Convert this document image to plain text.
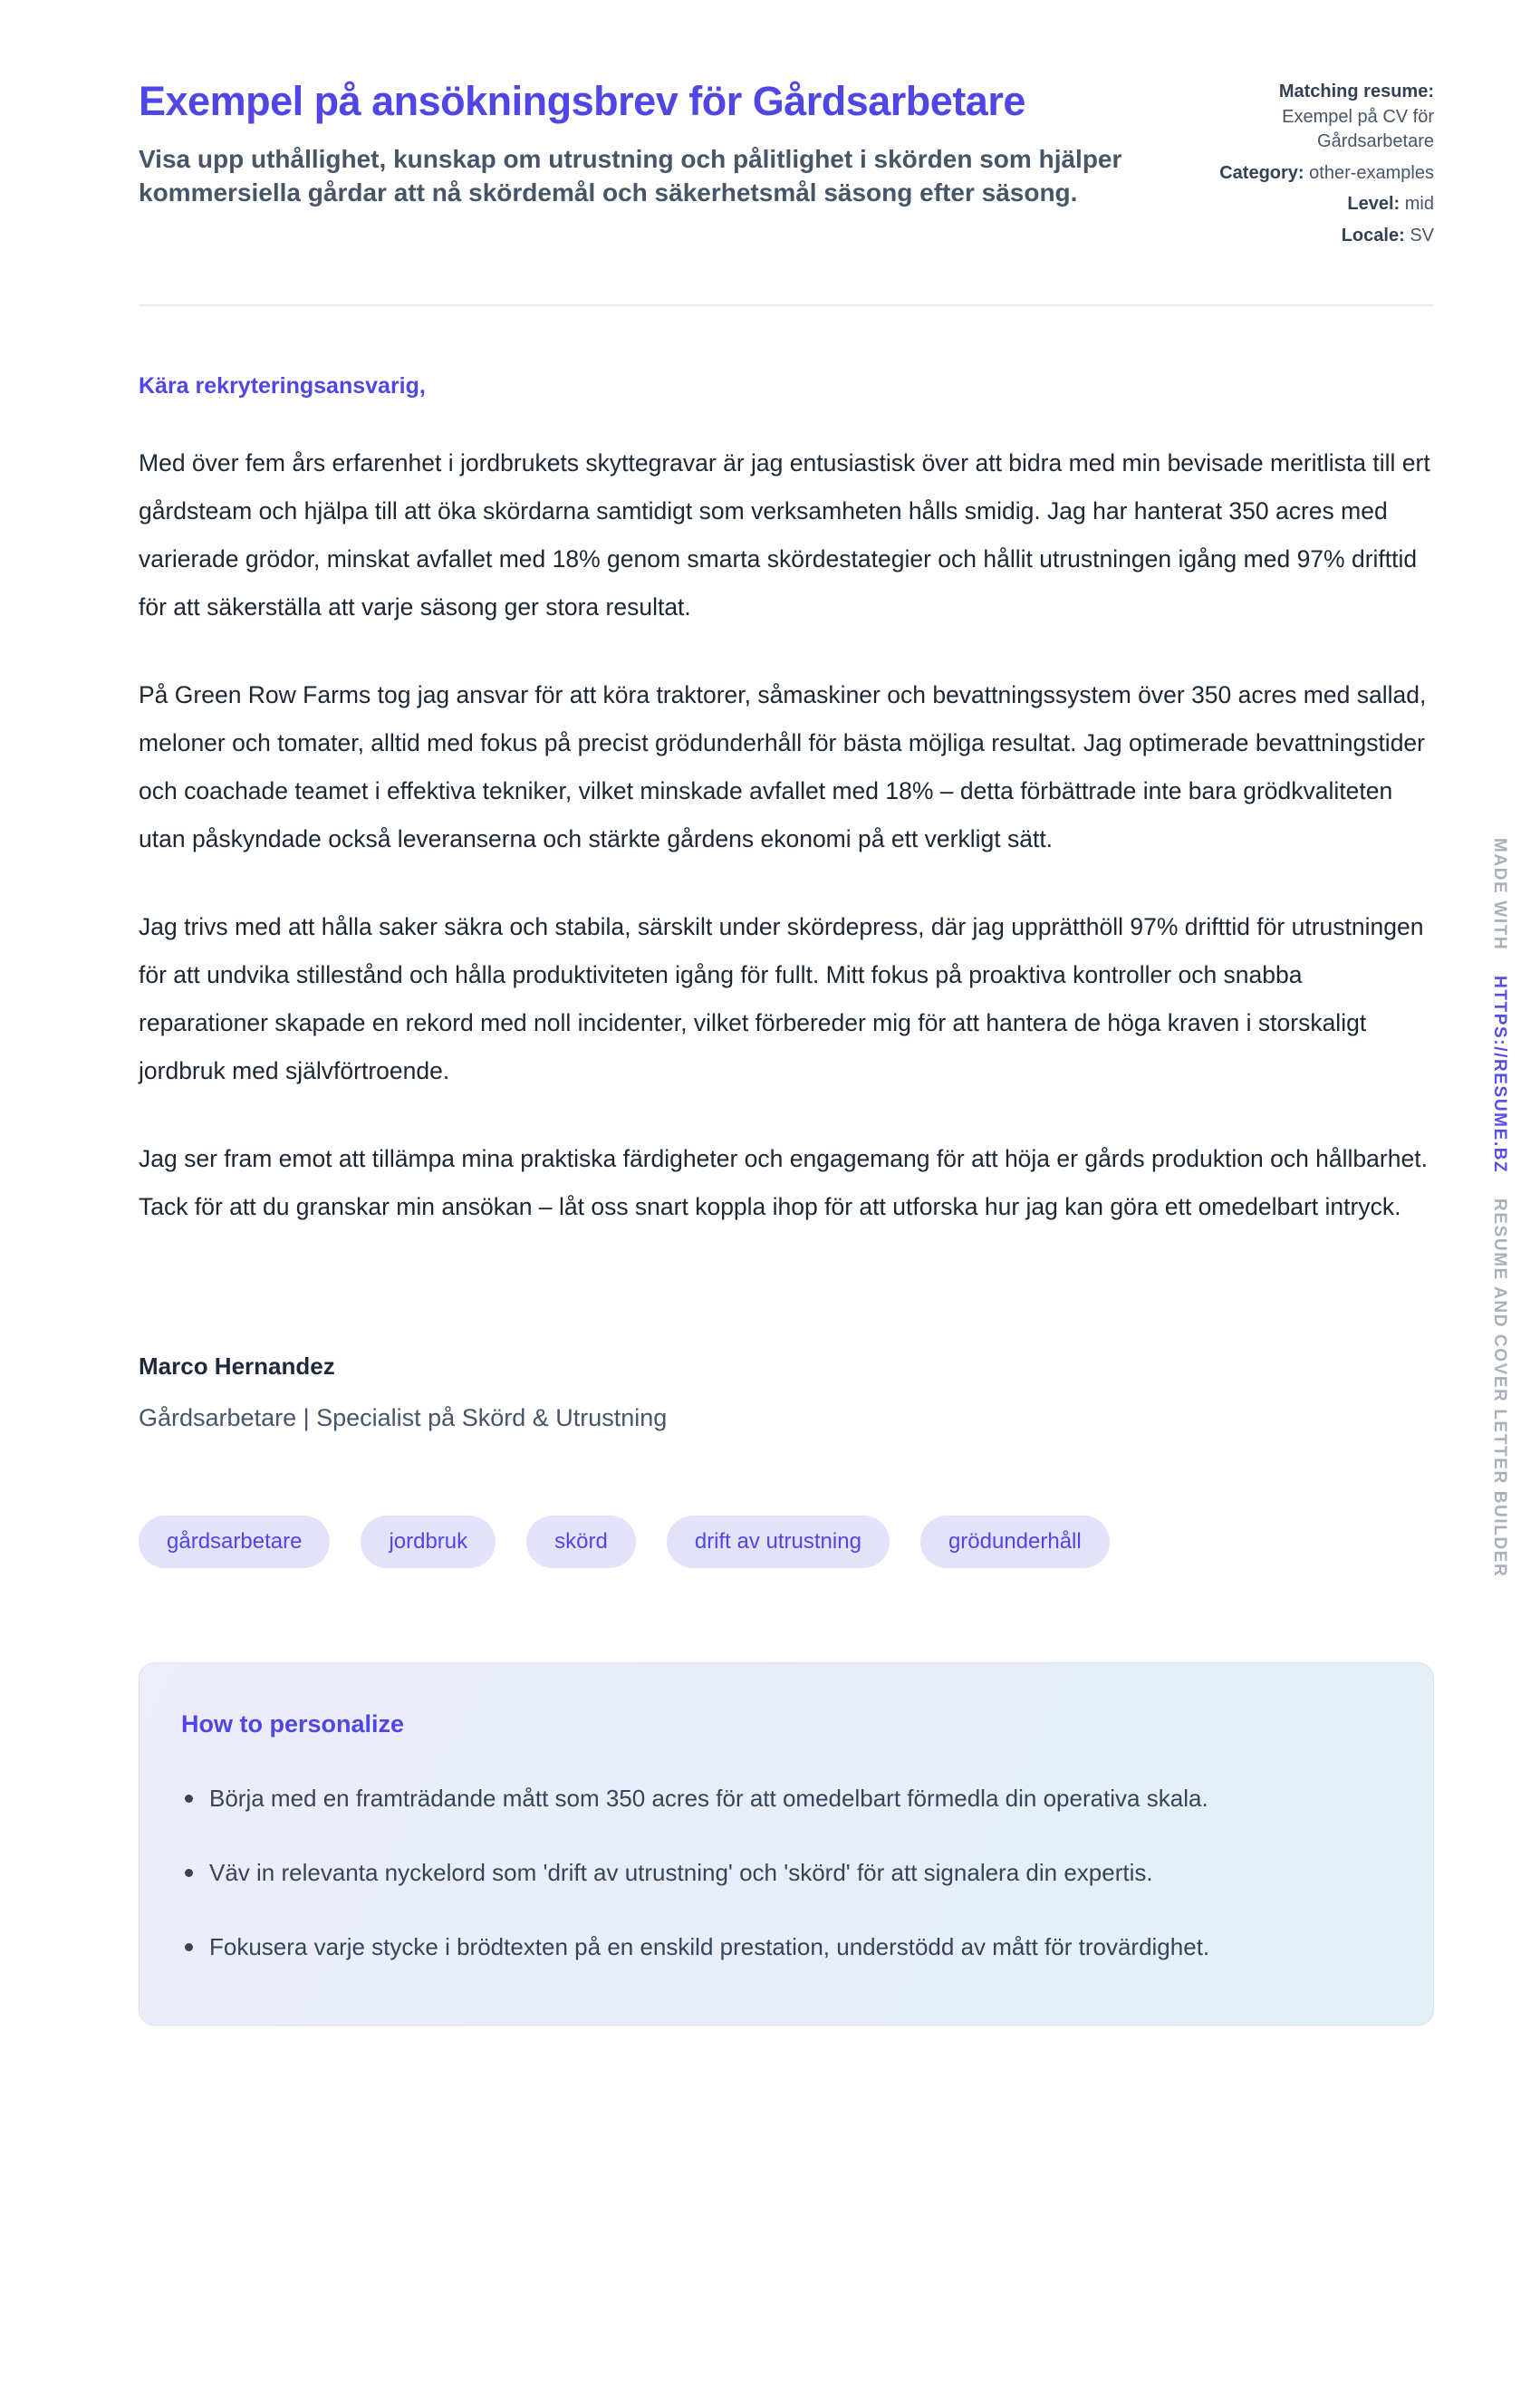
Exempel på ansökningsbrev för Gårdsarbetare

Visa upp uthållighet, kunskap om utrustning och pålitlighet i skörden som hjälper kommersiella gårdar att nå skördemål och säkerhetsmål säsong efter säsong.

Matching resume:
Exempel på CV för Gårdsarbetare
Category: other-examples
Level: mid
Locale: SV

Kära rekryteringsansvarig,

Med över fem års erfarenhet i jordbrukets skyttegravar är jag entusiastisk över att bidra med min bevisade meritlista till ert gårdsteam och hjälpa till att öka skördarna samtidigt som verksamheten hålls smidig. Jag har hanterat 350 acres med varierade grödor, minskat avfallet med 18% genom smarta skördestategier och hållit utrustningen igång med 97% drifttid för att säkerställa att varje säsong ger stora resultat.

På Green Row Farms tog jag ansvar för att köra traktorer, såmaskiner och bevattningssystem över 350 acres med sallad, meloner och tomater, alltid med fokus på precist grödunderhåll för bästa möjliga resultat. Jag optimerade bevattningstider och coachade teamet i effektiva tekniker, vilket minskade avfallet med 18% – detta förbättrade inte bara grödkvaliteten utan påskyndade också leveranserna och stärkte gårdens ekonomi på ett verkligt sätt.

Jag trivs med att hålla saker säkra och stabila, särskilt under skördepress, där jag upprätthöll 97% drifttid för utrustningen för att undvika stillestånd och hålla produktiviteten igång för fullt. Mitt fokus på proaktiva kontroller och snabba reparationer skapade en rekord med noll incidenter, vilket förbereder mig för att hantera de höga kraven i storskaligt jordbruk med självförtroende.

Jag ser fram emot att tillämpa mina praktiska färdigheter och engagemang för att höja er gårds produktion och hållbarhet. Tack för att du granskar min ansökan – låt oss snart koppla ihop för att utforska hur jag kan göra ett omedelbart intryck.

Marco Hernandez

Gårdsarbetare | Specialist på Skörd & Utrustning

gårdsarbetare	jordbruk	skörd	drift av utrustning	grödunderhåll
How to personalize
Börja med en framträdande mått som 350 acres för att omedelbart förmedla din operativa skala.
Väv in relevanta nyckelord som 'drift av utrustning' och 'skörd' för att signalera din expertis.
Fokusera varje stycke i brödtexten på en enskild prestation, understödd av mått för trovärdighet.
MADE WITH
HTTPS://RESUME.BZ
RESUME AND COVER LETTER BUILDER
